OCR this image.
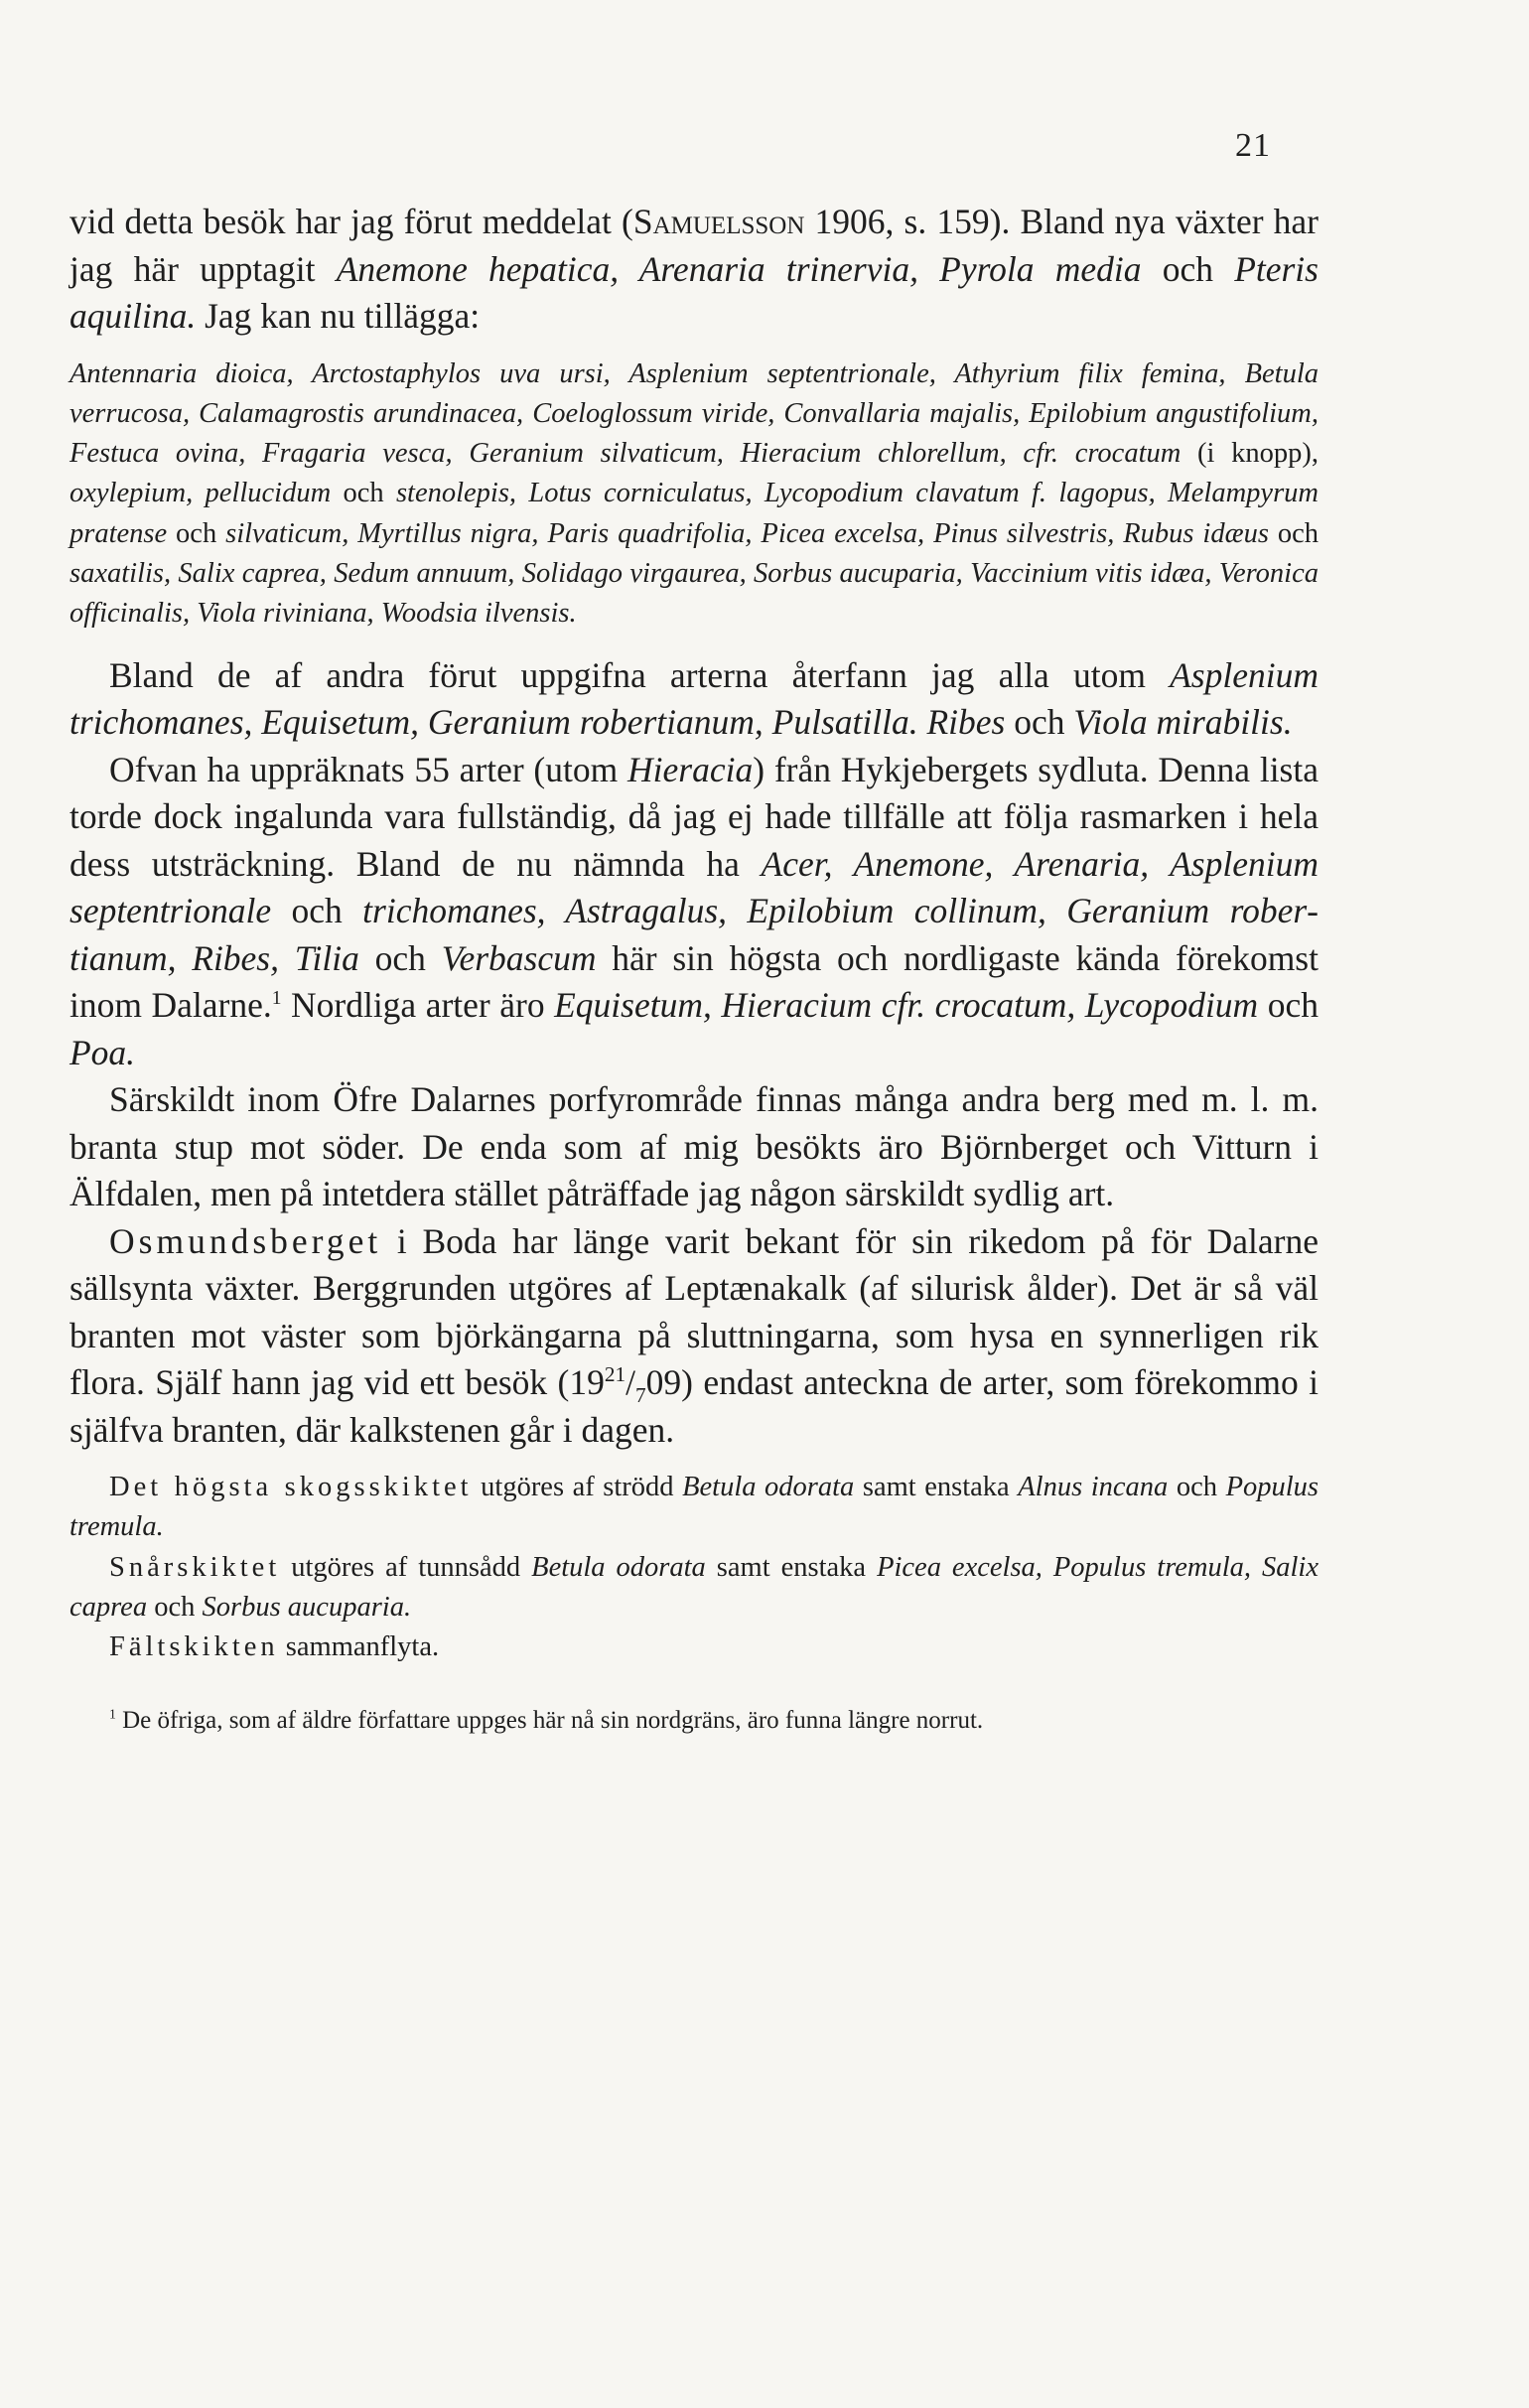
21

vid detta besök har jag förut meddelat (Samuelsson 1906, s. 159). Bland nya växter har jag här upptagit Anemone hepatica, Arenaria trinervia, Pyrola media och Pteris aquilina. Jag kan nu tillägga:

Antennaria dioica, Arctostaphylos uva ursi, Asplenium septentrionale, Athyrium filix femina, Betula verrucosa, Calamagrostis arundinacea, Coeloglossum viride, Convallaria majalis, Epilobium angustifolium, Festuca ovina, Fragaria vesca, Geranium silvaticum, Hieracium chlorellum, cfr. crocatum (i knopp), oxylepium, pellucidum och stenolepis, Lotus corniculatus, Lycopodium clavatum f. lagopus, Melampyrum pratense och silvaticum, Myrtillus nigra, Paris quadrifolia, Picea excelsa, Pinus silvestris, Rubus idæus och saxatilis, Salix caprea, Sedum annuum, Solidago virgaurea, Sorbus aucuparia, Vaccinium vitis idæa, Veronica officinalis, Viola riviniana, Woodsia ilvensis.

Bland de af andra förut uppgifna arterna återfann jag alla utom Asplenium trichomanes, Equisetum, Geranium robertianum, Pulsatilla. Ribes och Viola mirabilis.

Ofvan ha uppräknats 55 arter (utom Hieracia) från Hykjebergets sydluta. Denna lista torde dock ingalunda vara fullständig, då jag ej hade tillfälle att följa rasmarken i hela dess utsträckning. Bland de nu nämnda ha Acer, Anemone, Arenaria, Asplenium septentrionale och trichomanes, Astragalus, Epilobium collinum, Geranium robertianum, Ribes, Tilia och Verbascum här sin högsta och nordligaste kända förekomst inom Dalarne.$^1$ Nordliga arter äro Equisetum, Hieracium cfr. crocatum, Lycopodium och Poa.

Särskildt inom Öfre Dalarnes porfyrområde finnas många andra berg med m. l. m. branta stup mot söder. De enda som af mig besökts äro Björnberget och Vitturn i Älfdalen, men på intetdera stället påträffade jag någon särskildt sydlig art.

Osmundsberget i Boda har länge varit bekant för sin rikedom på för Dalarne sällsynta växter. Berggrunden utgöres af Leptænakalk (af silurisk ålder). Det är så väl branten mot väster som björkängarna på sluttningarna, som hysa en synnerligen rik flora. Själf hann jag vid ett besök $(19^{21}/_709)$ endast anteckna de arter, som förekommo i själfva branten, där kalkstenen går i dagen.

Det högsta skogsskiktet utgöres af strödd Betula odorata samt enstaka Alnus incana och Populus tremula.

Snårskiktet utgöres af tunnsådd Betula odorata samt enstaka Picea excelsa, Populus tremula, Salix caprea och Sorbus aucuparia.

Fältskikten sammanflyta.

$^1$ De öfriga, som af äldre författare uppges här nå sin nordgräns, äro funna längre norrut.
